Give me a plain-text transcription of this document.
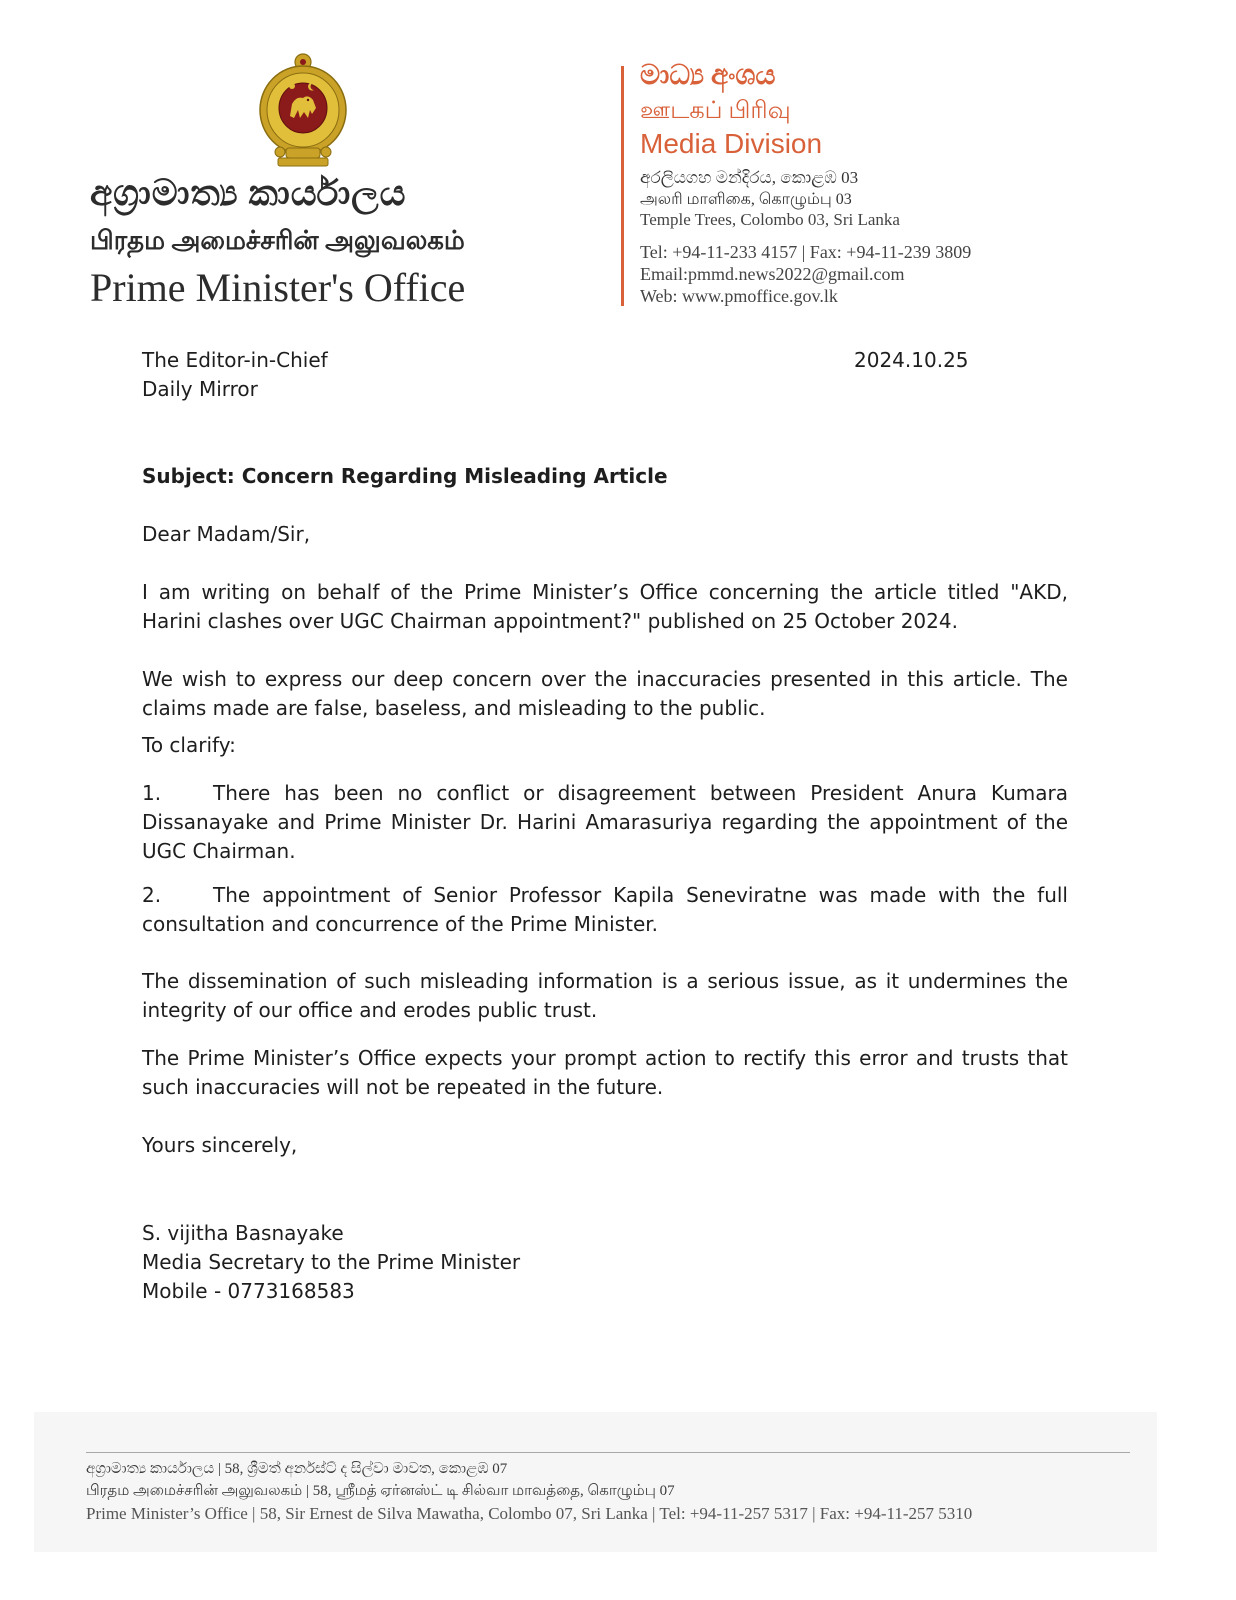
අග්‍රාමාත්‍ය කාර්යාලය
பிரதம அமைச்சரின் அலுவலகம்
Prime Minister's Office
මාධ්‍ය අංශය
ஊடகப் பிரிவு
Media Division
අරලියගහ මන්දිරය, කොළඹ 03
அலரி மாளிகை, கொழும்பு 03
Temple Trees, Colombo 03, Sri Lanka
Tel: +94-11-233 4157 | Fax: +94-11-239 3809
Email:pmmd.news2022@gmail.com
Web: www.pmoffice.gov.lk
The Editor-in-Chief
Daily Mirror
2024.10.25
Subject: Concern Regarding Misleading Article
Dear Madam/Sir,
I am writing on behalf of the Prime Minister’s Office concerning the article titled "AKD, Harini clashes over UGC Chairman appointment?" published on 25 October 2024.
We wish to express our deep concern over the inaccuracies presented in this article. The claims made are false, baseless, and misleading to the public.
To clarify:
1.	There has been no conflict or disagreement between President Anura Kumara Dissanayake and Prime Minister Dr. Harini Amarasuriya regarding the appointment of the UGC Chairman.
2.	The appointment of Senior Professor Kapila Seneviratne was made with the full consultation and concurrence of the Prime Minister.
The dissemination of such misleading information is a serious issue, as it undermines the integrity of our office and erodes public trust.
The Prime Minister’s Office expects your prompt action to rectify this error and trusts that such inaccuracies will not be repeated in the future.
Yours sincerely,
S. vijitha Basnayake
Media Secretary to the Prime Minister
Mobile - 0773168583
අග්‍රාමාත්‍ය කාර්යාලය | 58, ශ්‍රීමත් අර්නස්ට් ද සිල්වා මාවත, කොළඹ 07
பிரதம அமைச்சரின் அலுவலகம் | 58, ஸ்ரீமத் ஏர்னஸ்ட் டி சில்வா மாவத்தை, கொழும்பு 07
Prime Minister’s Office | 58, Sir Ernest de Silva Mawatha, Colombo 07, Sri Lanka | Tel: +94-11-257 5317 | Fax: +94-11-257 5310
